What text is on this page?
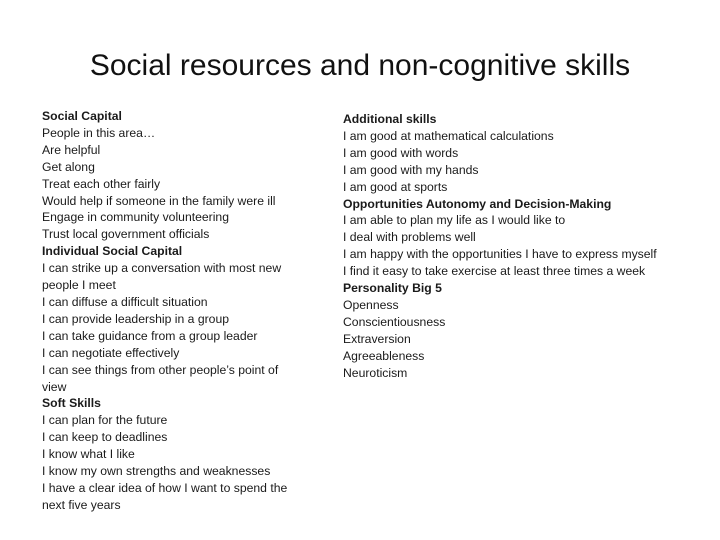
Social resources and non-cognitive skills

Social Capital

People in this area…

Are helpful

Get along

Treat each other fairly

Would help if someone in the family were ill

Engage in community volunteering

Trust local government officials

Individual Social Capital

I can strike up a conversation with most new people I meet

I can diffuse a difficult situation

I can provide leadership in a group

I can take guidance from a group leader

I can negotiate effectively

I can see things from other people’s point of view

Soft Skills

I can plan for the future

I can keep to deadlines

I know what I like

I know my own strengths and weaknesses

I have a clear idea of how I want to spend the next five years

Additional skills

I am good at mathematical calculations

I am good with words

I am good with my hands

I am good at sports

Opportunities Autonomy and Decision-Making

I am able to plan my life as I would like to

I deal with problems well

I am happy with the opportunities I have to express myself

I find it easy to take exercise at least three times a week

Personality Big 5

Openness

Conscientiousness

Extraversion

Agreeableness

Neuroticism
